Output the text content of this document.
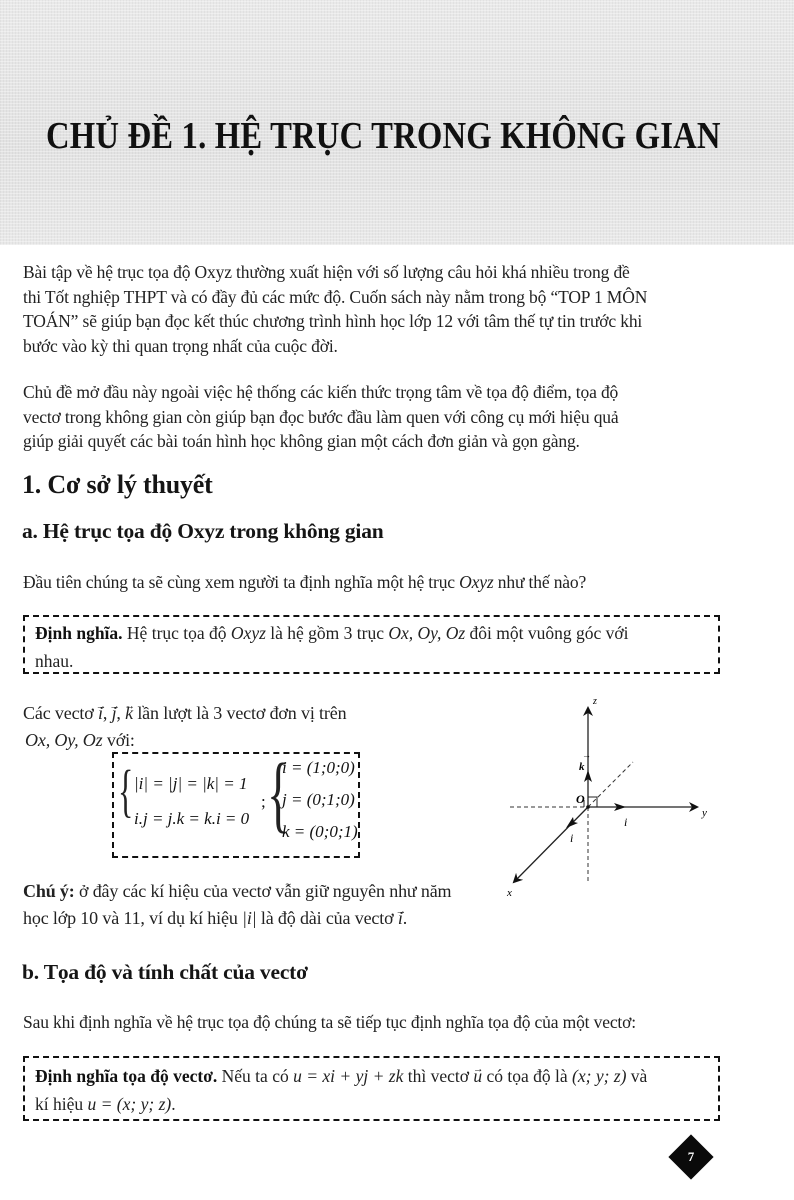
CHỦ ĐỀ 1. HỆ TRỤC TRONG KHÔNG GIAN
Bài tập về hệ trục tọa độ Oxyz thường xuất hiện với số lượng câu hỏi khá nhiều trong đề
thi Tốt nghiệp THPT và có đầy đủ các mức độ. Cuốn sách này nằm trong bộ “TOP 1 MÔN
TOÁN” sẽ giúp bạn đọc kết thúc chương trình hình học lớp 12 với tâm thế tự tin trước khi
bước vào kỳ thi quan trọng nhất của cuộc đời.
Chủ đề mở đầu này ngoài việc hệ thống các kiến thức trọng tâm về tọa độ điểm, tọa độ
vectơ trong không gian còn giúp bạn đọc bước đầu làm quen với công cụ mới hiệu quả
giúp giải quyết các bài toán hình học không gian một cách đơn giản và gọn gàng.
1. Cơ sở lý thuyết
a. Hệ trục tọa độ Oxyz trong không gian
Đầu tiên chúng ta sẽ cùng xem người ta định nghĩa một hệ trục Oxyz như thế nào?

Định nghĩa. Hệ trục tọa độ Oxyz là hệ gồm 3 trục Ox, Oy, Oz đôi một vuông góc với

nhau.

Các vectơ → i, → j, → k lần lượt là 3 vectơ đơn vị trên
Ox, Oy, Oz với:
{ |i| = |j| = |k| = 1
i.j = j.k = k.i = 0
; {
i = (1;0;0)
j = (0;1;0)
k = (0;0;1)
z
O
y
x
k
→
i
i
Chú ý: ở đây các kí hiệu của vectơ vẫn giữ nguyên như năm
học lớp 10 và 11, ví dụ kí hiệu |i| là độ dài của vectơ → i.
b. Tọa độ và tính chất của vectơ
Sau khi định nghĩa về hệ trục tọa độ chúng ta sẽ tiếp tục định nghĩa tọa độ của một vectơ:

Định nghĩa tọa độ vectơ. Nếu ta có u = xi + yj + zk thì vectơ → u có tọa độ là (x; y; z) và

kí hiệu u = (x; y; z).

7
